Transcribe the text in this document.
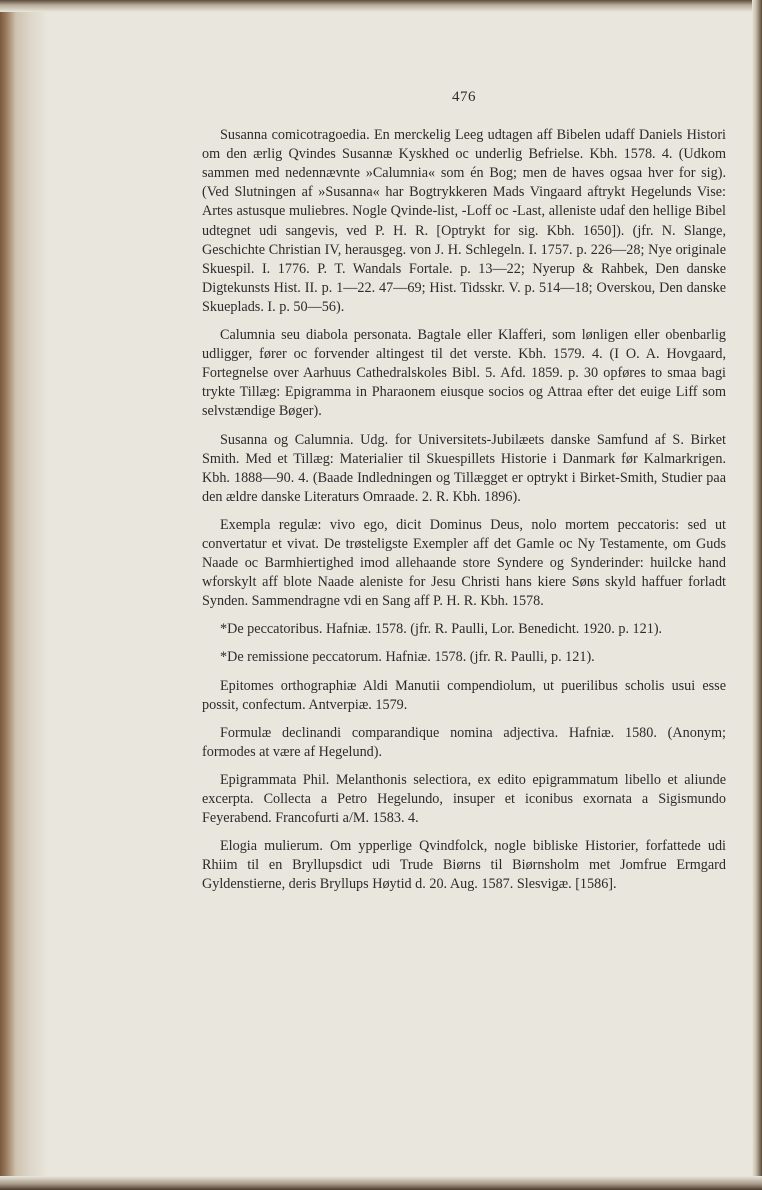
476

Susanna comicotragoedia. En merckelig Leeg udtagen aff Bibelen udaff Daniels Histori om den ærlig Qvindes Susannæ Kyskhed oc underlig Befrielse. Kbh. 1578. 4. (Udkom sammen med nedennævnte »Calumnia« som én Bog; men de haves ogsaa hver for sig). (Ved Slutningen af »Susanna« har Bogtrykkeren Mads Vingaard aftrykt Hegelunds Vise: Artes astusque muliebres. Nogle Qvinde-list, -Loff oc -Last, alleniste udaf den hellige Bibel udtegnet udi sangevis, ved P. H. R. [Optrykt for sig. Kbh. 1650]). (jfr. N. Slange, Geschichte Christian IV, herausgeg. von J. H. Schlegeln. I. 1757. p. 226—28; Nye originale Skuespil. I. 1776. P. T. Wandals Fortale. p. 13—22; Nyerup & Rahbek, Den danske Digtekunsts Hist. II. p. 1—22. 47—69; Hist. Tidsskr. V. p. 514—18; Overskou, Den danske Skueplads. I. p. 50—56).

Calumnia seu diabola personata. Bagtale eller Klafferi, som lønligen eller obenbarlig udligger, fører oc forvender altingest til det verste. Kbh. 1579. 4. (I O. A. Hovgaard, Fortegnelse over Aarhuus Cathedralskoles Bibl. 5. Afd. 1859. p. 30 opføres to smaa bagi trykte Tillæg: Epigramma in Pharaonem eiusque socios og Attraa efter det euige Liff som selvstændige Bøger).

Susanna og Calumnia. Udg. for Universitets-Jubilæets danske Samfund af S. Birket Smith. Med et Tillæg: Materialier til Skuespillets Historie i Danmark før Kalmarkrigen. Kbh. 1888—90. 4. (Baade Indledningen og Tillægget er optrykt i Birket-Smith, Studier paa den ældre danske Literaturs Omraade. 2. R. Kbh. 1896).

Exempla regulæ: vivo ego, dicit Dominus Deus, nolo mortem peccatoris: sed ut convertatur et vivat. De trøsteligste Exempler aff det Gamle oc Ny Testamente, om Guds Naade oc Barmhiertighed imod allehaande store Syndere og Synderinder: huilcke hand wforskylt aff blote Naade aleniste for Jesu Christi hans kiere Søns skyld haffuer forladt Synden. Sammendragne vdi en Sang aff P. H. R. Kbh. 1578.

*De peccatoribus. Hafniæ. 1578. (jfr. R. Paulli, Lor. Benedicht. 1920. p. 121).

*De remissione peccatorum. Hafniæ. 1578. (jfr. R. Paulli, p. 121).

Epitomes orthographiæ Aldi Manutii compendiolum, ut puerilibus scholis usui esse possit, confectum. Antverpiæ. 1579.

Formulæ declinandi comparandique nomina adjectiva. Hafniæ. 1580. (Anonym; formodes at være af Hegelund).

Epigrammata Phil. Melanthonis selectiora, ex edito epigrammatum libello et aliunde excerpta. Collecta a Petro Hegelundo, insuper et iconibus exornata a Sigismundo Feyerabend. Francofurti a/M. 1583. 4.

Elogia mulierum. Om ypperlige Qvindfolck, nogle bibliske Historier, forfattede udi Rhiim til en Bryllupsdict udi Trude Biørns til Biørnsholm met Jomfrue Ermgard Gyldenstierne, deris Bryllups Høytid d. 20. Aug. 1587. Slesvigæ. [1586].
